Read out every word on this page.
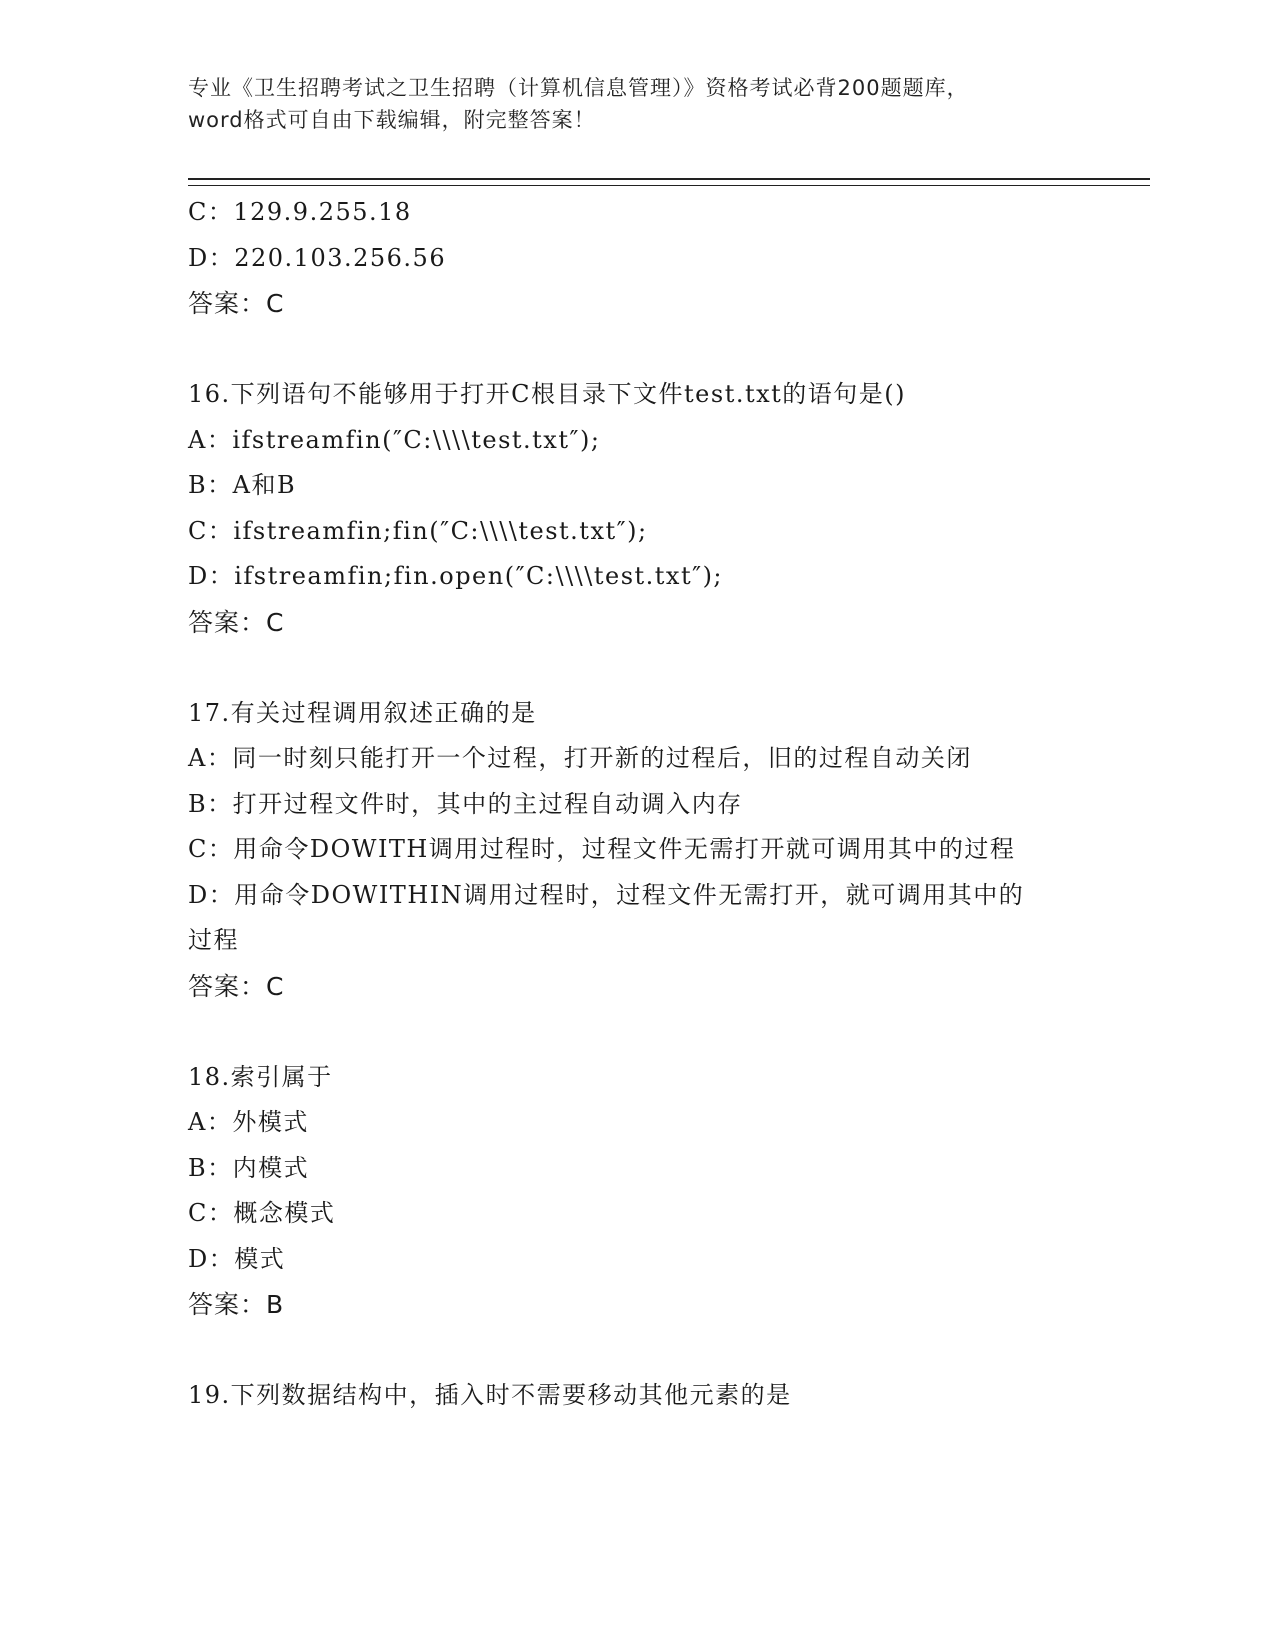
专业《卫生招聘考试之卫生招聘（计算机信息管理）》资格考试必背200题题库，
word格式可自由下载编辑，附完整答案！
C：129.9.255.18
D：220.103.256.56
答案：C
16.下列语句不能够用于打开C根目录下文件test.txt的语句是()
A：ifstreamfin(″C:\\\\test.txt″);
B：A和B
C：ifstreamfin;fin(″C:\\\\test.txt″);
D：ifstreamfin;fin.open(″C:\\\\test.txt″);
答案：C
17.有关过程调用叙述正确的是
A：同一时刻只能打开一个过程，打开新的过程后，旧的过程自动关闭
B：打开过程文件时，其中的主过程自动调入内存
C：用命令DOWITH调用过程时，过程文件无需打开就可调用其中的过程
D：用命令DOWITHIN调用过程时，过程文件无需打开，就可调用其中的过程
答案：C
18.索引属于
A：外模式
B：内模式
C：概念模式
D：模式
答案：B
19.下列数据结构中，插入时不需要移动其他元素的是
